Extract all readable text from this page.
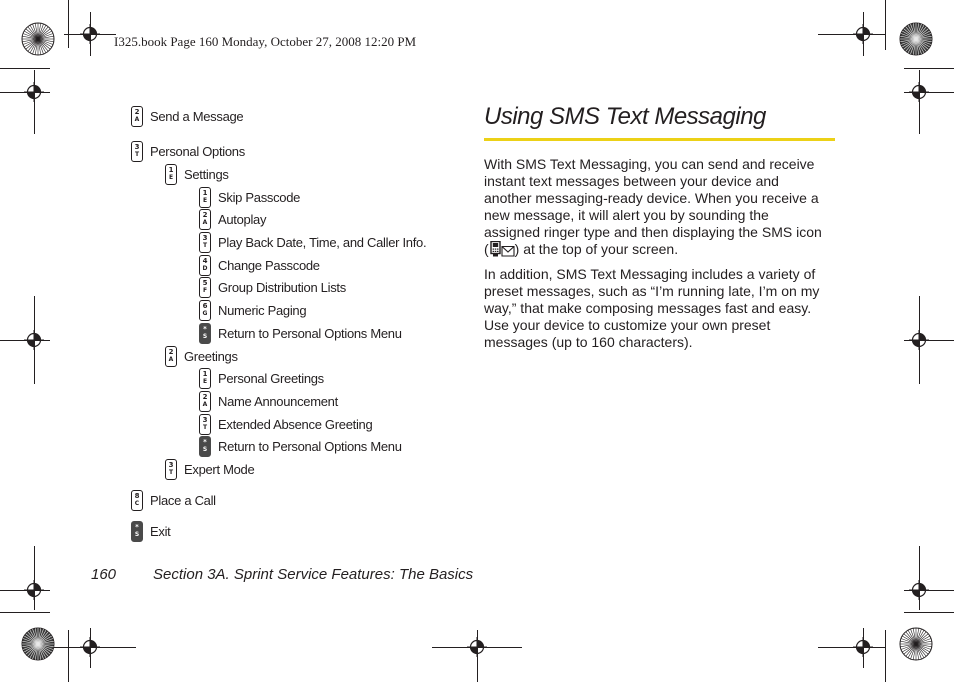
I325.book Page 160 Monday, October 27, 2008 12:20 PM
2
A Send a Message
3
T Personal Options
1
E Settings
1
E Skip Passcode
2
A Autoplay
3
T Play Back Date, Time, and Caller Info.
4
D Change Passcode
5
F Group Distribution Lists
6
G Numeric Paging
*
S Return to Personal Options Menu
2
A Greetings
1
E Personal Greetings
2
A Name Announcement
3
T Extended Absence Greeting
*
S Return to Personal Options Menu
3
T Expert Mode
8
C Place a Call
*
S Exit
Using SMS Text Messaging
With SMS Text Messaging, you can send and receive
instant text messages between your device and
another messaging-ready device. When you receive a
new message, it will alert you by sounding the
assigned ringer type and then displaying the SMS icon
( ) at the top of your screen.
In addition, SMS Text Messaging includes a variety of
preset messages, such as “I’m running late, I’m on my
way,” that make composing messages fast and easy.
Use your device to customize your own preset
messages (up to 160 characters).
160 Section 3A. Sprint Service Features: The Basics
